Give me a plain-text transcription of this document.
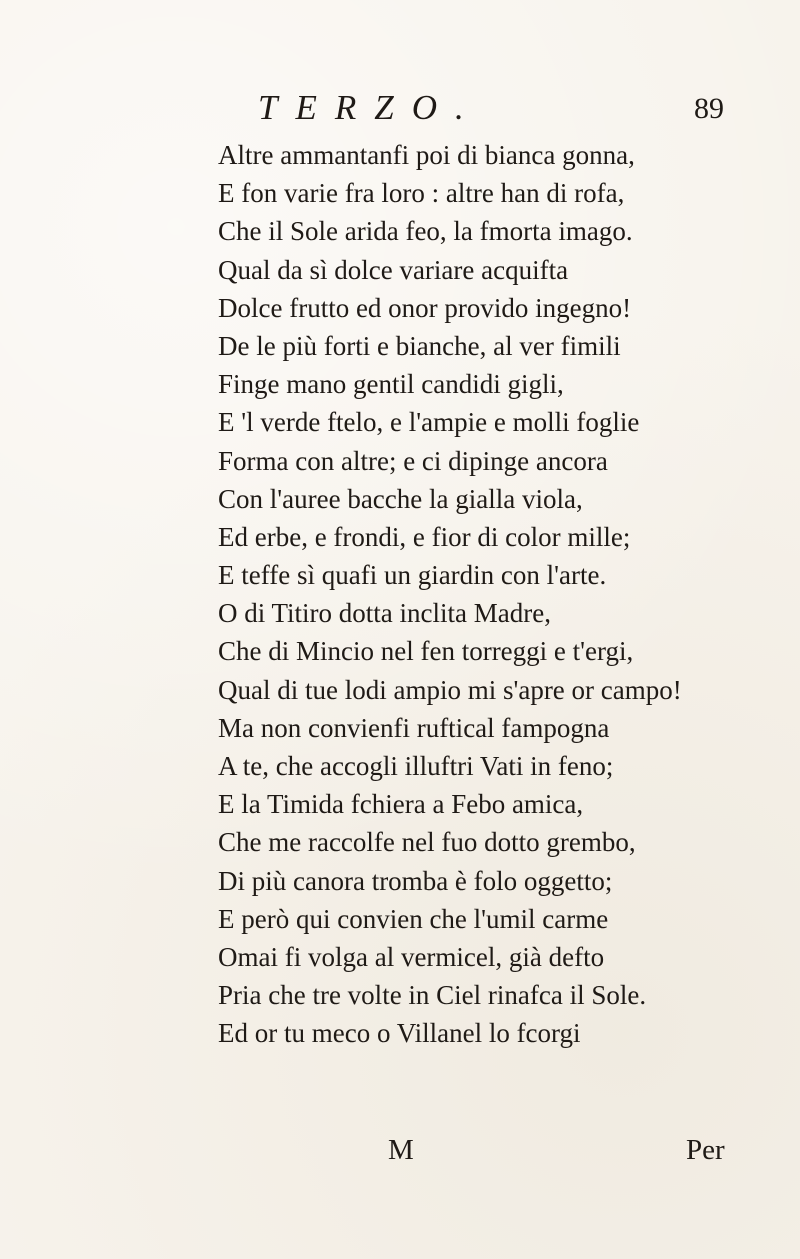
TERZO.	89
Altre ammantanfi poi di bianca gonna,
E fon varie fra loro : altre han di rofa,
Che il Sole arida feo, la fmorta imago.
Qual da sì dolce variare acquifta
Dolce frutto ed onor provido ingegno!
De le più forti e bianche, al ver fimili
Finge mano gentil candidi gigli,
E 'l verde ftelo, e l'ampie e molli foglie
Forma con altre; e ci dipinge ancora
Con l'auree bacche la gialla viola,
Ed erbe, e frondi, e fior di color mille;
E teffe sì quafi un giardin con l'arte.
O di Titiro dotta inclita Madre,
Che di Mincio nel fen torreggi e t'ergi,
Qual di tue lodi ampio mi s'apre or campo!
Ma non convienfi ruftical fampogna
A te, che accogli illuftri Vati in feno;
E la Timida fchiera a Febo amica,
Che me raccolfe nel fuo dotto grembo,
Di più canora tromba è folo oggetto;
E però qui convien che l'umil carme
Omai fi volga al vermicel, già defto
Pria che tre volte in Ciel rinafca il Sole.
Ed or tu meco o Villanel lo fcorgi
M	Per
